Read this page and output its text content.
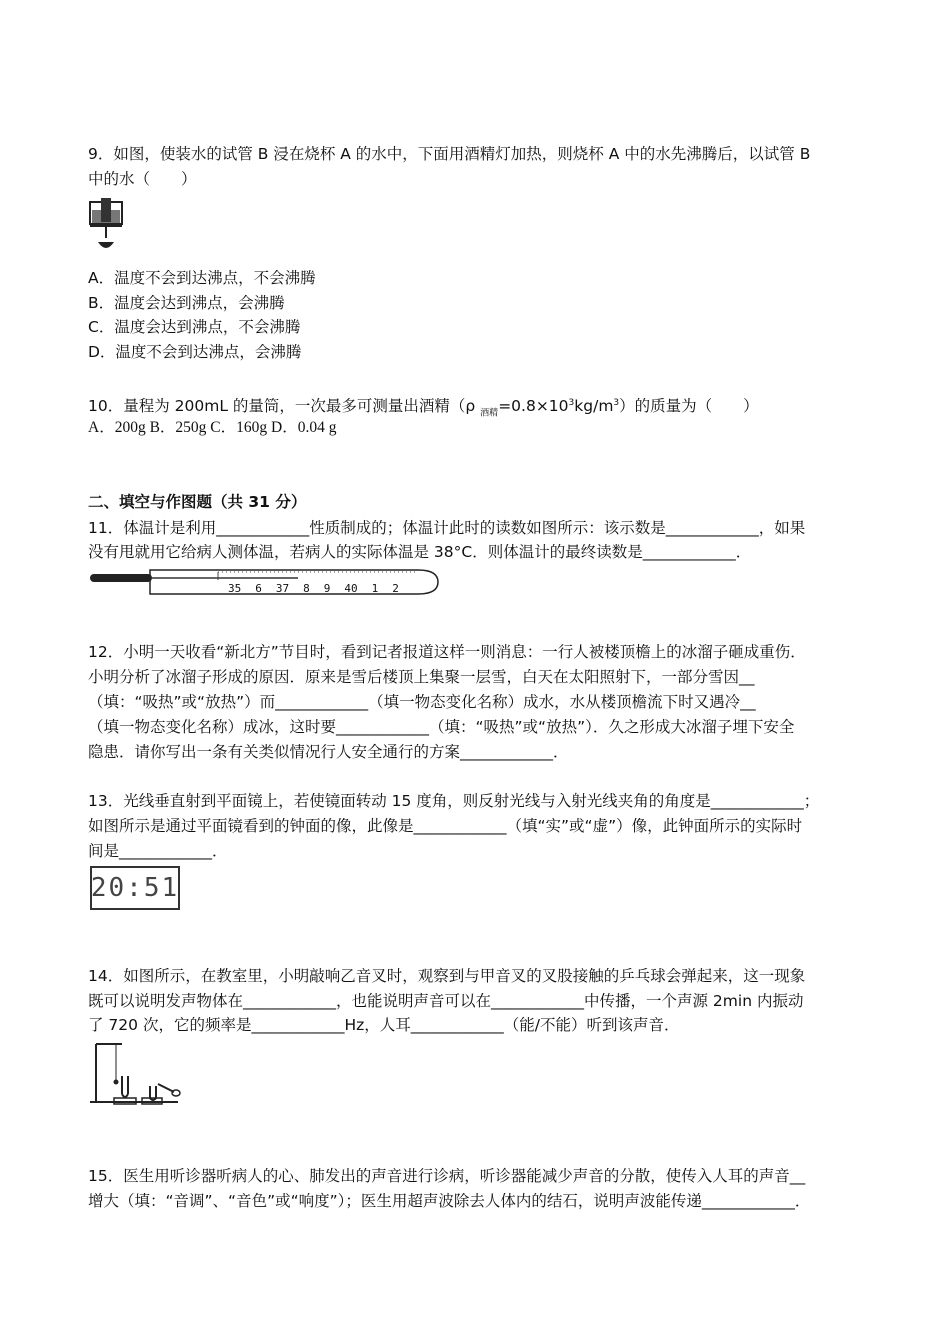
9．如图，使装水的试管 B 浸在烧杯 A 的水中，下面用酒精灯加热，则烧杯 A 中的水先沸腾后，以试管 B
中的水（　　）
A．温度不会到达沸点，不会沸腾
B．温度会达到沸点，会沸腾
C．温度会达到沸点，不会沸腾
D．温度不会到达沸点，会沸腾
10．量程为 200mL 的量筒，一次最多可测量出酒精（ρ $_{酒精}=0.8\times 10^3kg/m^3$）的质量为（　　）
A．200g B．250g C．160g D．0.04 g
二、填空与作图题（共 31 分）
11．体温计是利用____________性质制成的；体温计此时的读数如图所示：该示数是____________，如果
没有甩就用它给病人测体温，若病人的实际体温是 38°C．则体温计的最终读数是____________．
35 6 37 8 9 40 1 2
12．小明一天收看“新北方”节目时，看到记者报道这样一则消息：一行人被楼顶檐上的冰溜子砸成重伤．
小明分析了冰溜子形成的原因．原来是雪后楼顶上集聚一层雪，白天在太阳照射下，一部分雪因__
（填：“吸热”或“放热”）而____________（填一物态变化名称）成水，水从楼顶檐流下时又遇冷__
（填一物态变化名称）成冰，这时要____________（填：“吸热”或“放热”）．久之形成大冰溜子埋下安全
隐患．请你写出一条有关类似情况行人安全通行的方案____________．
13．光线垂直射到平面镜上，若使镜面转动 15 度角，则反射光线与入射光线夹角的角度是____________；
如图所示是通过平面镜看到的钟面的像，此像是____________（填“实”或“虚”）像，此钟面所示的实际时
间是____________．
20:51
14．如图所示，在教室里，小明敲响乙音叉时，观察到与甲音叉的叉股接触的乒乓球会弹起来，这一现象
既可以说明发声物体在____________，也能说明声音可以在____________中传播，一个声源 2min 内振动
了 720 次，它的频率是____________Hz，人耳____________（能/不能）听到该声音．
15．医生用听诊器听病人的心、肺发出的声音进行诊病，听诊器能减少声音的分散，使传入人耳的声音__
增大（填：“音调”、“音色”或“响度”）；医生用超声波除去人体内的结石，说明声波能传递____________．
